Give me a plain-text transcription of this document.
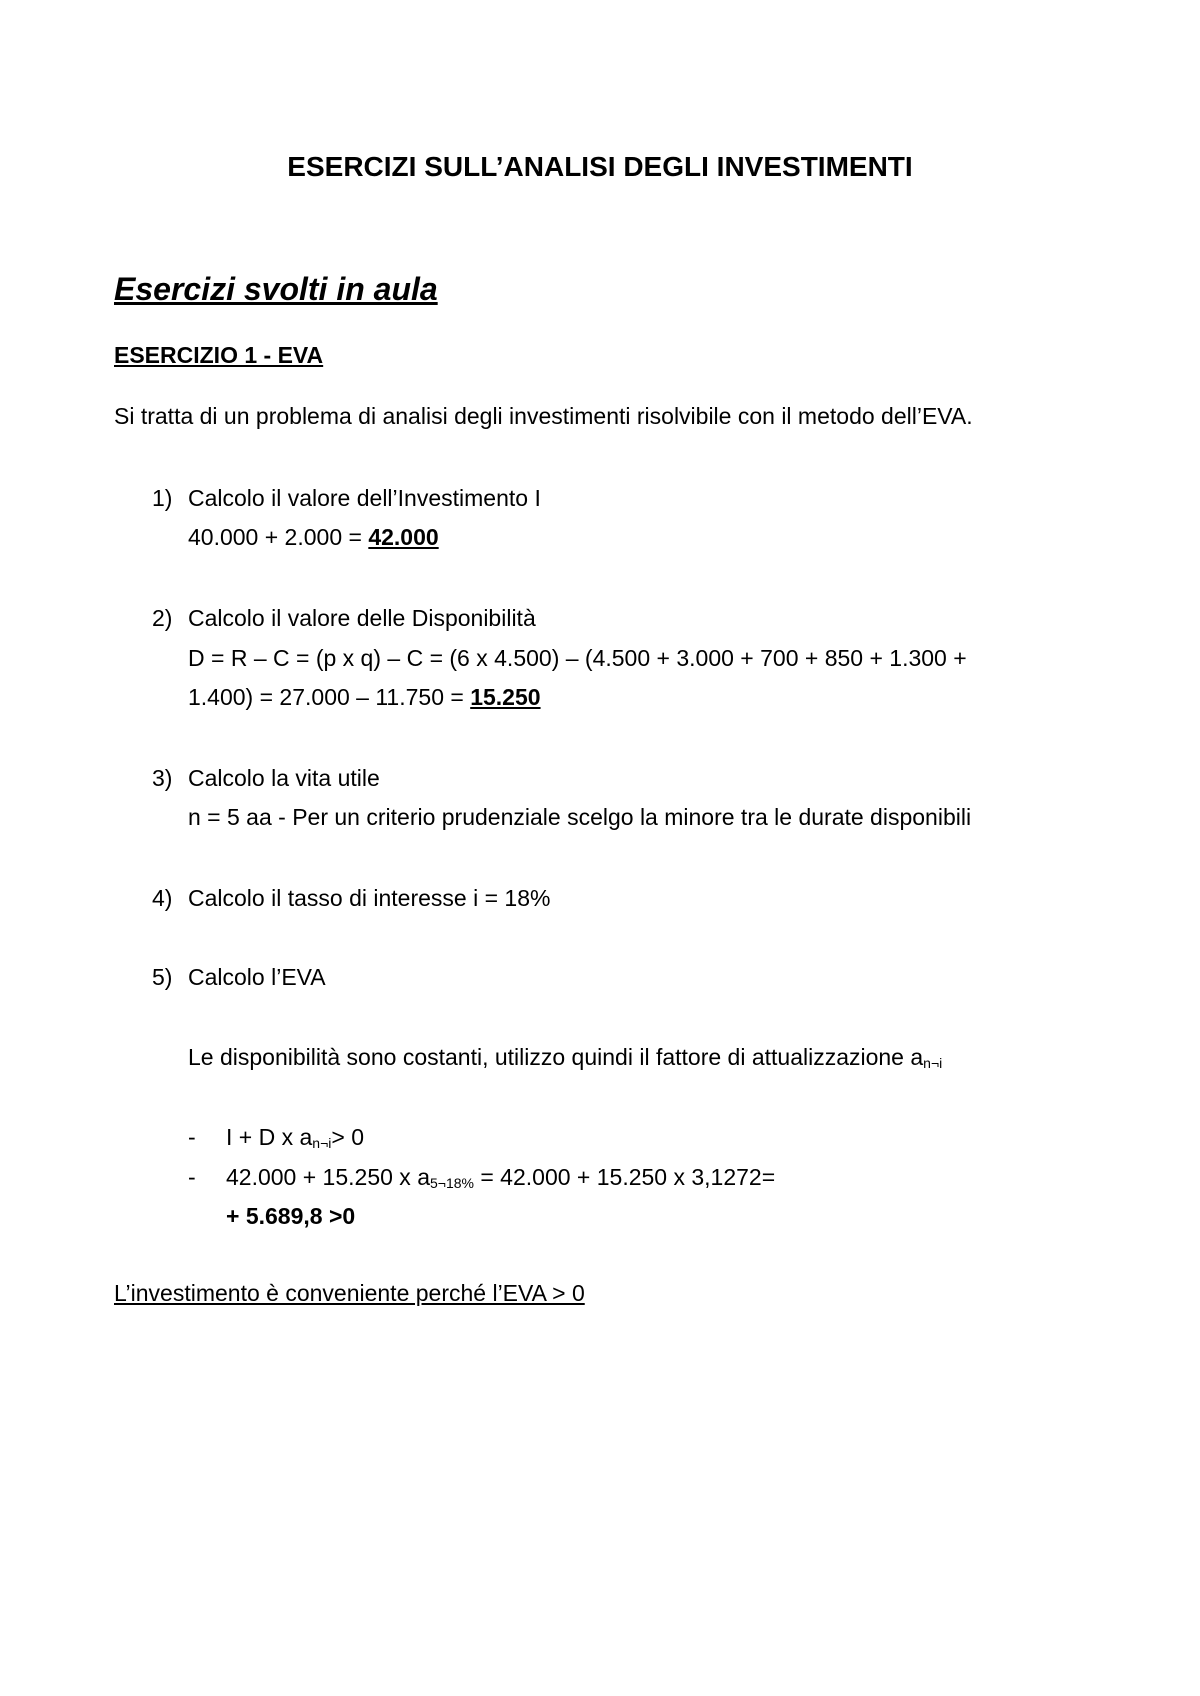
ESERCIZI SULL’ANALISI DEGLI INVESTIMENTI
Esercizi svolti in aula
ESERCIZIO 1 - EVA
Si tratta di un problema di analisi degli investimenti risolvibile con il metodo dell’EVA.
1) Calcolo il valore dell’Investimento I
40.000 + 2.000 = 42.000
2) Calcolo il valore delle Disponibilità
D = R – C = (p x q) – C = (6 x 4.500) – (4.500 + 3.000 + 700 + 850 + 1.300 +
1.400) = 27.000 – 11.750 = 15.250
3) Calcolo la vita utile
n = 5 aa - Per un criterio prudenziale scelgo la minore tra le durate disponibili
4) Calcolo il tasso di interesse i = 18%
5) Calcolo l’EVA
Le disponibilità sono costanti, utilizzo quindi il fattore di attualizzazione $a_{n\neg i}$
- I + D x $a_{n\neg i}> 0$
- 42.000 + 15.250 x $a_{5\neg 18\%} = 42.000 + 15.250$ x 3,1272=
+ 5.689,8 >0
L’investimento è conveniente perché l’EVA > 0
